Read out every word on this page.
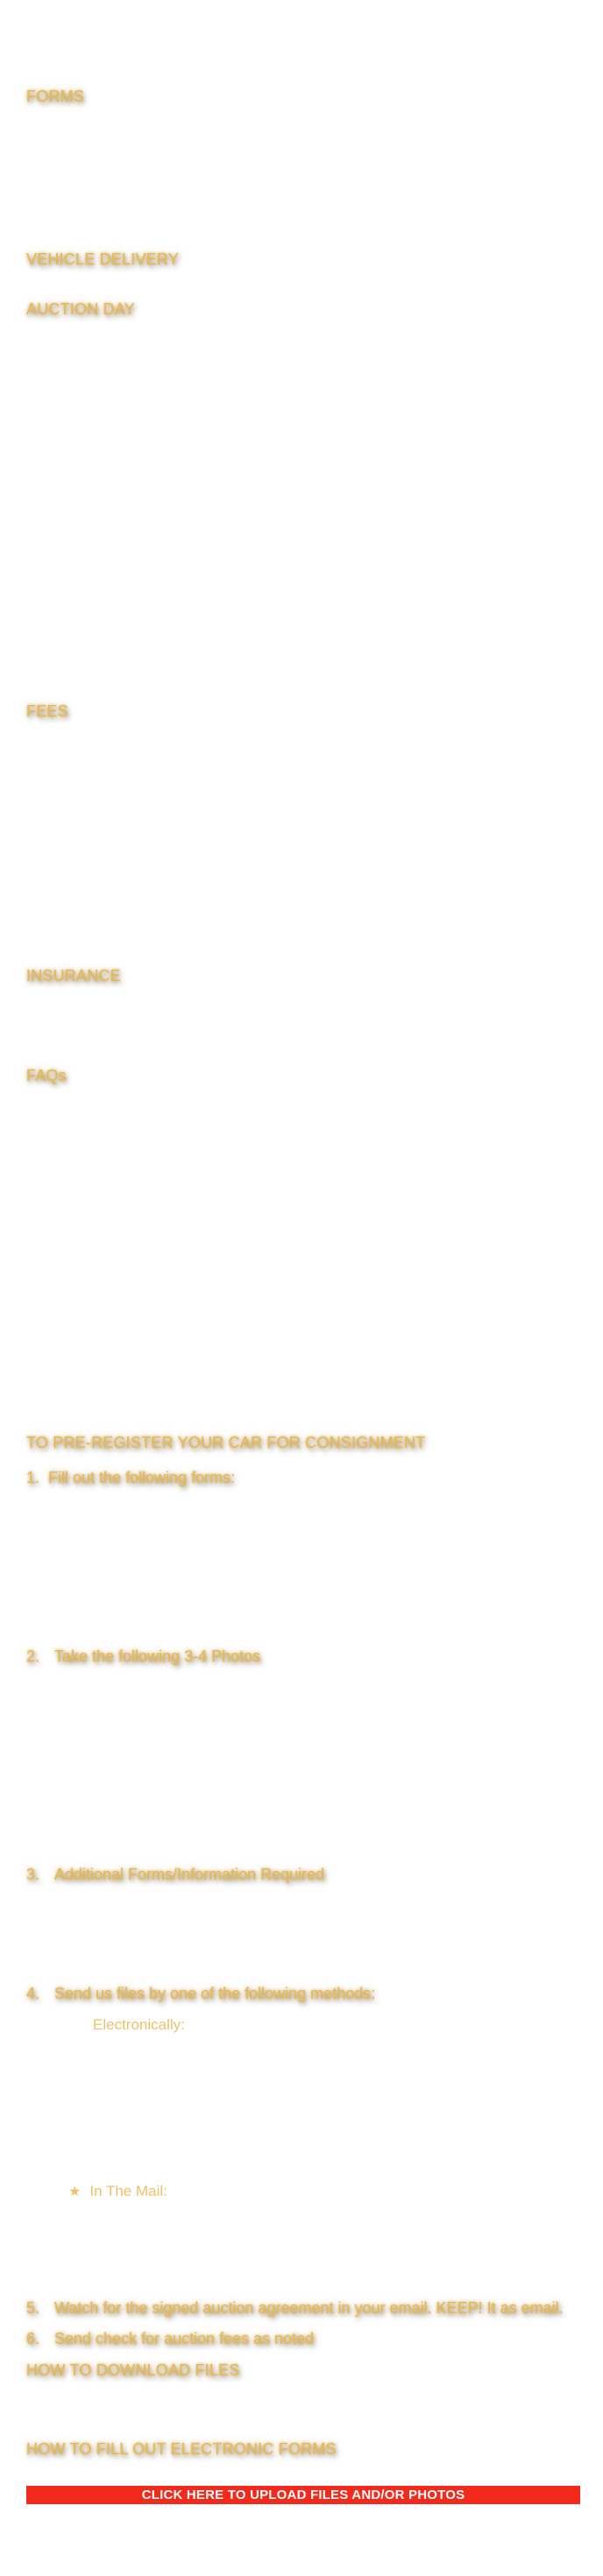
FORMS
VEHICLE DELIVERY
AUCTION DAY
FEES
INSURANCE
FAQs
TO PRE-REGISTER YOUR CAR FOR CONSIGNMENT
1. Fill out the following forms:
2. Take the following 3-4 Photos
3. Additional Forms/Information Required
4. Send us files by one of the following methods:
Electronically:
★ In The Mail:
5. Watch for the signed auction agreement in your email. KEEP! It as email.
6. Send check for auction fees as noted
HOW TO DOWNLOAD FILES
HOW TO FILL OUT ELECTRONIC FORMS
CLICK HERE TO UPLOAD FILES AND/OR PHOTOS
